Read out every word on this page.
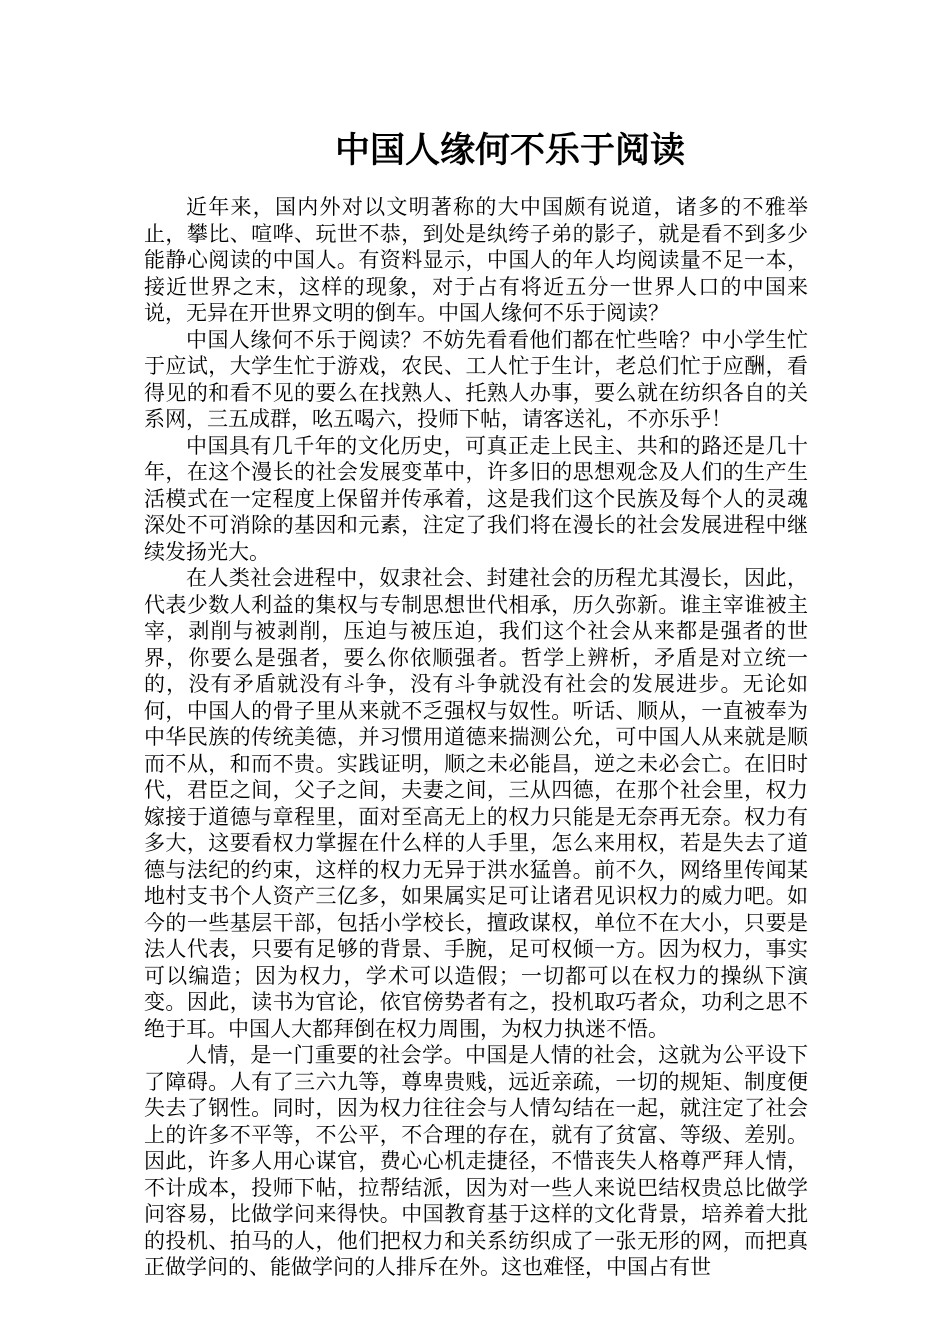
中国人缘何不乐于阅读

近年来，国内外对以文明著称的大中国颇有说道，诸多的不雅举止，攀比、喧哗、玩世不恭，到处是纨绔子弟的影子，就是看不到多少能静心阅读的中国人。有资料显示，中国人的年人均阅读量不足一本，接近世界之末，这样的现象，对于占有将近五分一世界人口的中国来说，无异在开世界文明的倒车。中国人缘何不乐于阅读？

中国人缘何不乐于阅读？不妨先看看他们都在忙些啥？中小学生忙于应试，大学生忙于游戏，农民、工人忙于生计，老总们忙于应酬，看得见的和看不见的要么在找熟人、托熟人办事，要么就在纺织各自的关系网，三五成群，吆五喝六，投师下帖，请客送礼，不亦乐乎！

中国具有几千年的文化历史，可真正走上民主、共和的路还是几十年，在这个漫长的社会发展变革中，许多旧的思想观念及人们的生产生活模式在一定程度上保留并传承着，这是我们这个民族及每个人的灵魂深处不可消除的基因和元素，注定了我们将在漫长的社会发展进程中继续发扬光大。

在人类社会进程中，奴隶社会、封建社会的历程尤其漫长，因此，代表少数人利益的集权与专制思想世代相承，历久弥新。谁主宰谁被主宰，剥削与被剥削，压迫与被压迫，我们这个社会从来都是强者的世界，你要么是强者，要么你依顺强者。哲学上辨析，矛盾是对立统一的，没有矛盾就没有斗争，没有斗争就没有社会的发展进步。无论如何，中国人的骨子里从来就不乏强权与奴性。听话、顺从，一直被奉为中华民族的传统美德，并习惯用道德来揣测公允，可中国人从来就是顺而不从，和而不贵。实践证明，顺之未必能昌，逆之未必会亡。在旧时代，君臣之间，父子之间，夫妻之间，三从四德，在那个社会里，权力嫁接于道德与章程里，面对至高无上的权力只能是无奈再无奈。权力有多大，这要看权力掌握在什么样的人手里，怎么来用权，若是失去了道德与法纪的约束，这样的权力无异于洪水猛兽。前不久，网络里传闻某地村支书个人资产三亿多，如果属实足可让诸君见识权力的威力吧。如今的一些基层干部，包括小学校长，擅政谋权，单位不在大小，只要是法人代表，只要有足够的背景、手腕，足可权倾一方。因为权力，事实可以编造；因为权力，学术可以造假；一切都可以在权力的操纵下演变。因此，读书为官论，依官傍势者有之，投机取巧者众，功利之思不绝于耳。中国人大都拜倒在权力周围，为权力执迷不悟。

人情，是一门重要的社会学。中国是人情的社会，这就为公平设下了障碍。人有了三六九等，尊卑贵贱，远近亲疏，一切的规矩、制度便失去了钢性。同时，因为权力往往会与人情勾结在一起，就注定了社会上的许多不平等，不公平，不合理的存在，就有了贫富、等级、差别。因此，许多人用心谋官，费心心机走捷径，不惜丧失人格尊严拜人情，不计成本，投师下帖，拉帮结派，因为对一些人来说巴结权贵总比做学问容易，比做学问来得快。中国教育基于这样的文化背景，培养着大批的投机、拍马的人，他们把权力和关系纺织成了一张无形的网，而把真正做学问的、能做学问的人排斥在外。这也难怪，中国占有世
